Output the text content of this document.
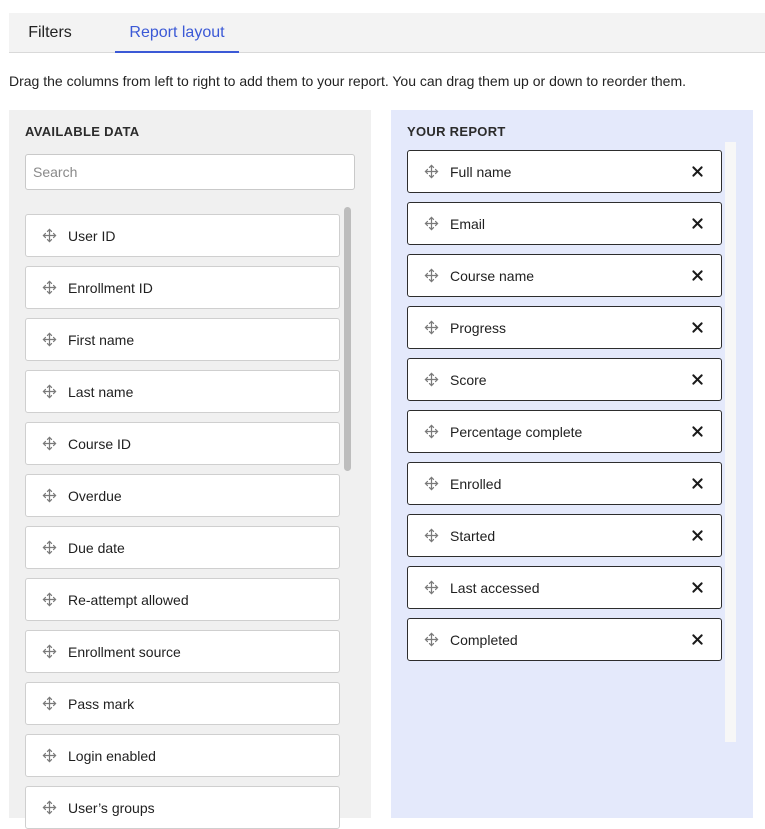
Filters	Report layout
Drag the columns from left to right to add them to your report. You can drag them up or down to reorder them.
AVAILABLE DATA
Search
User ID
Enrollment ID
First name
Last name
Course ID
Overdue
Due date
Re-attempt allowed
Enrollment source
Pass mark
Login enabled
User’s groups
YOUR REPORT
Full name
Email
Course name
Progress
Score
Percentage complete
Enrolled
Started
Last accessed
Completed
